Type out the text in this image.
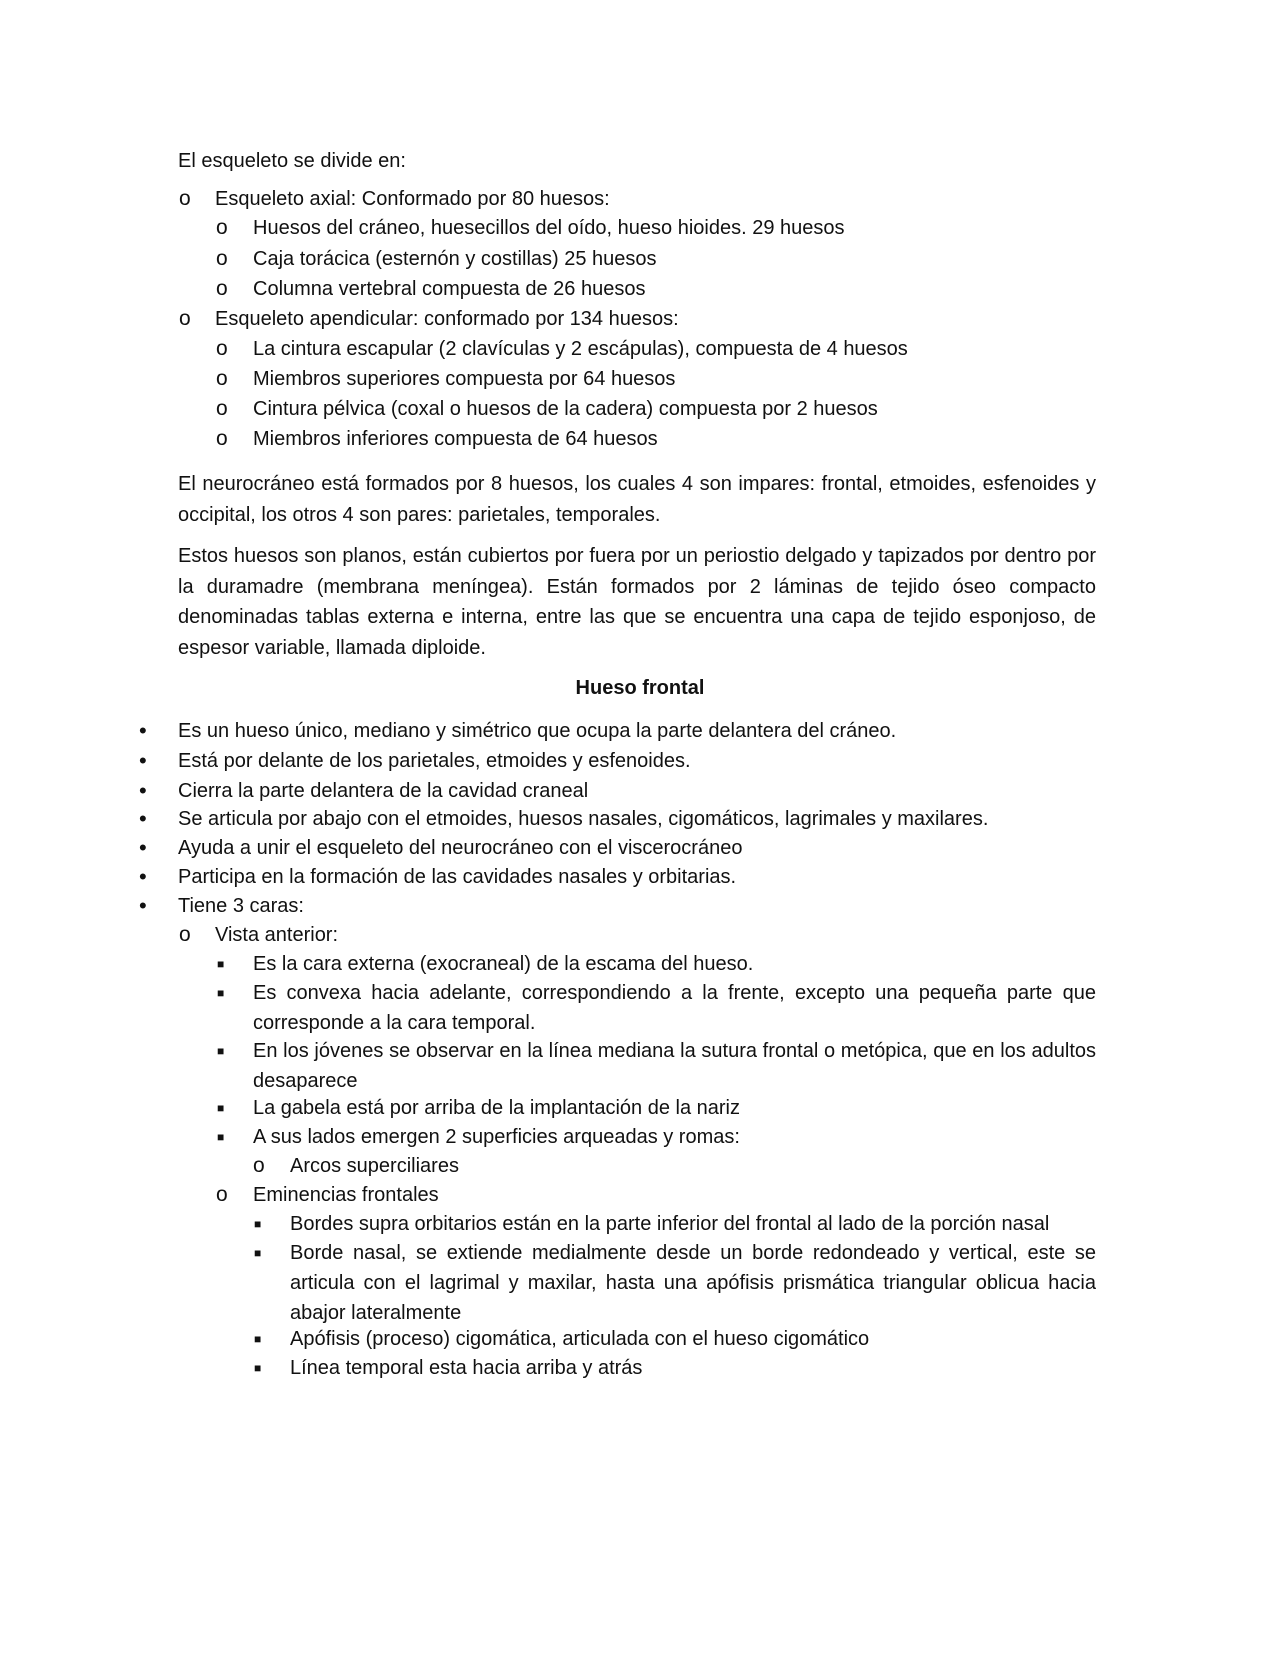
El esqueleto se divide en:
o Esqueleto axial: Conformado por 80 huesos:
o Huesos del cráneo, huesecillos del oído, hueso hioides. 29 huesos
o Caja torácica (esternón y costillas) 25 huesos
o Columna vertebral compuesta de 26 huesos
o Esqueleto apendicular: conformado por 134 huesos:
o La cintura escapular (2 clavículas y 2 escápulas), compuesta de 4 huesos
o Miembros superiores compuesta por 64 huesos
o Cintura pélvica (coxal o huesos de la cadera) compuesta por 2 huesos
o Miembros inferiores compuesta de 64 huesos
El neurocráneo está formados por 8 huesos, los cuales 4 son impares: frontal, etmoides, esfenoides y occipital, los otros 4 son pares: parietales, temporales.
Estos huesos son planos, están cubiertos por fuera por un periostio delgado y tapizados por dentro por la duramadre (membrana meníngea). Están formados por 2 láminas de tejido óseo compacto denominadas tablas externa e interna, entre las que se encuentra una capa de tejido esponjoso, de espesor variable, llamada diploide.
Hueso frontal
• Es un hueso único, mediano y simétrico que ocupa la parte delantera del cráneo.
• Está por delante de los parietales, etmoides y esfenoides.
• Cierra la parte delantera de la cavidad craneal
• Se articula por abajo con el etmoides, huesos nasales, cigomáticos, lagrimales y maxilares.
• Ayuda a unir el esqueleto del neurocráneo con el viscerocráneo
• Participa en la formación de las cavidades nasales y orbitarias.
• Tiene 3 caras:
o Vista anterior:
■ Es la cara externa (exocraneal) de la escama del hueso.
■ Es convexa hacia adelante, correspondiendo a la frente, excepto una pequeña parte que corresponde a la cara temporal.
■ En los jóvenes se observar en la línea mediana la sutura frontal o metópica, que en los adultos desaparece
■ La gabela está por arriba de la implantación de la nariz
■ A sus lados emergen 2 superficies arqueadas y romas:
o Arcos superciliares
o Eminencias frontales
■ Bordes supra orbitarios están en la parte inferior del frontal al lado de la porción nasal
■ Borde nasal, se extiende medialmente desde un borde redondeado y vertical, este se articula con el lagrimal y maxilar, hasta una apófisis prismática triangular oblicua hacia abajor lateralmente
■ Apófisis (proceso) cigomática, articulada con el hueso cigomático
■ Línea temporal esta hacia arriba y atrás
